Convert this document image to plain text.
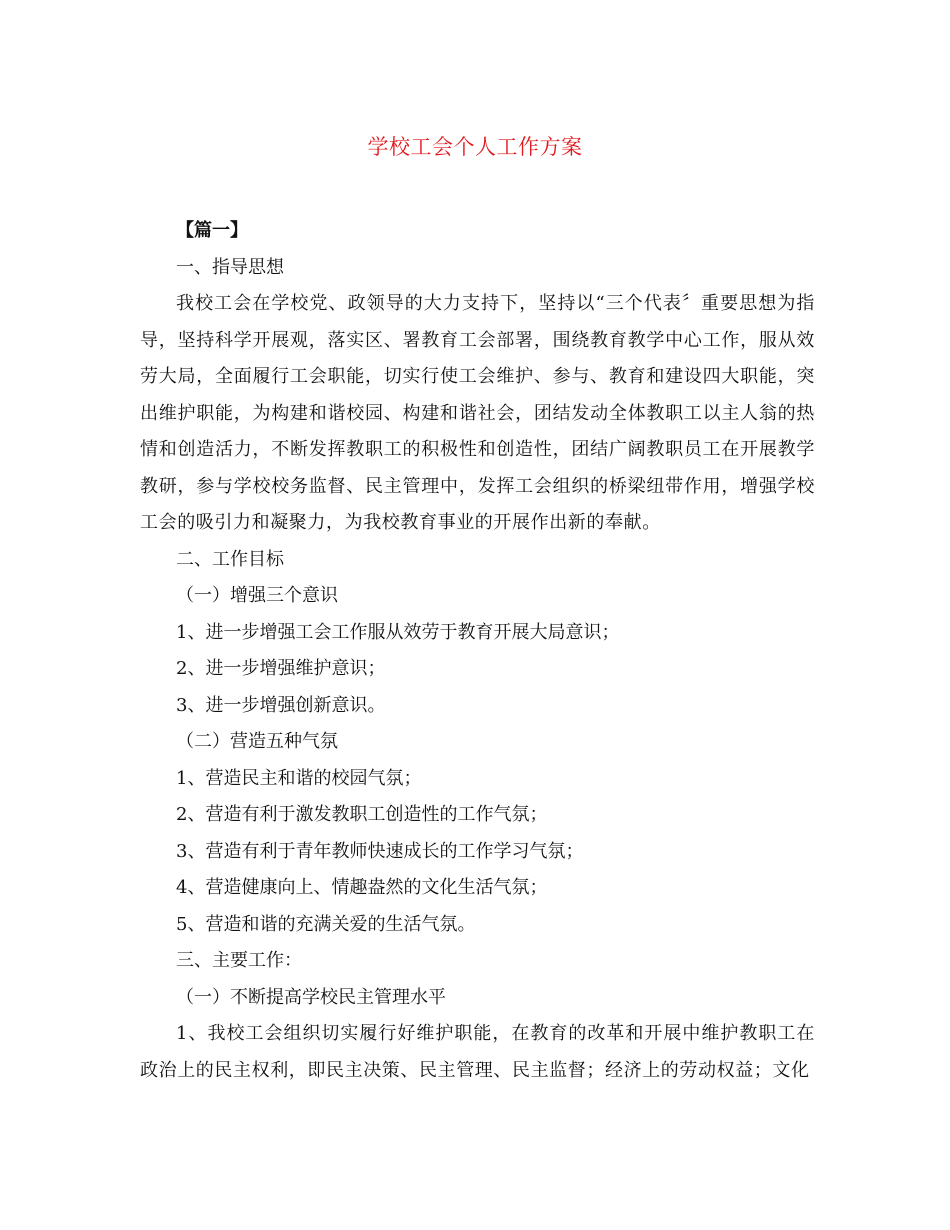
学校工会个人工作方案
【篇一】
一、指导思想

我校工会在学校党、政领导的大力支持下，坚持以“三个代表〞重要思想为指导，坚持科学开展观，落实区、署教育工会部署，围绕教育教学中心工作，服从效劳大局，全面履行工会职能，切实行使工会维护、参与、教育和建设四大职能，突出维护职能，为构建和谐校园、构建和谐社会，团结发动全体教职工以主人翁的热情和创造活力，不断发挥教职工的积极性和创造性，团结广阔教职员工在开展教学教研，参与学校校务监督、民主管理中，发挥工会组织的桥梁纽带作用，增强学校工会的吸引力和凝聚力，为我校教育事业的开展作出新的奉献。

二、工作目标
（一）增强三个意识
1、进一步增强工会工作服从效劳于教育开展大局意识；
2、进一步增强维护意识；
3、进一步增强创新意识。
（二）营造五种气氛
1、营造民主和谐的校园气氛；
2、营造有利于激发教职工创造性的工作气氛；
3、营造有利于青年教师快速成长的工作学习气氛；
4、营造健康向上、情趣盎然的文化生活气氛；
5、营造和谐的充满关爱的生活气氛。
三、主要工作：
（一）不断提高学校民主管理水平

1、我校工会组织切实履行好维护职能，在教育的改革和开展中维护教职工在政治上的民主权利，即民主决策、民主管理、民主监督；经济上的劳动权益；文化
